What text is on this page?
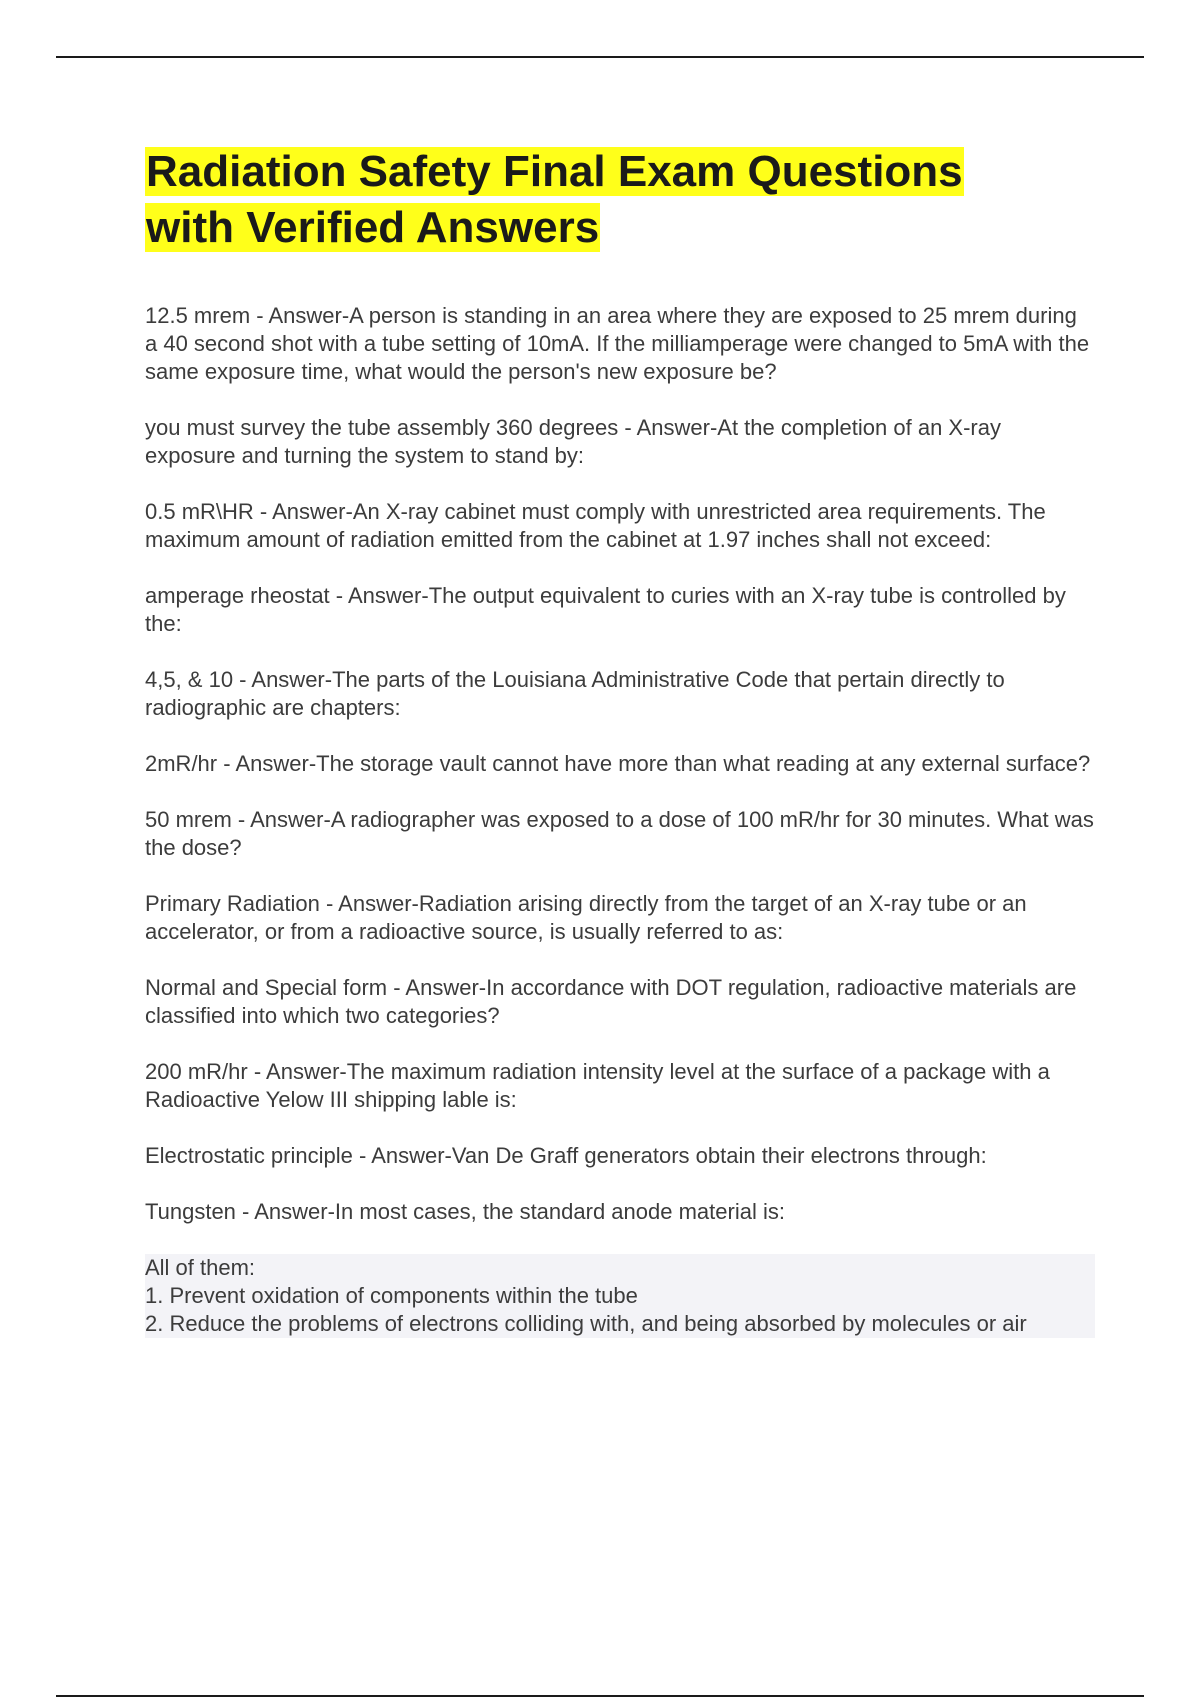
Radiation Safety Final Exam Questions
with Verified Answers

12.5 mrem - Answer-A person is standing in an area where they are exposed to 25 mrem during a 40 second shot with a tube setting of 10mA. If the milliamperage were changed to 5mA with the same exposure time, what would the person's new exposure be?

you must survey the tube assembly 360 degrees - Answer-At the completion of an X-ray exposure and turning the system to stand by:

0.5 mR\HR - Answer-An X-ray cabinet must comply with unrestricted area requirements. The maximum amount of radiation emitted from the cabinet at 1.97 inches shall not exceed:

amperage rheostat - Answer-The output equivalent to curies with an X-ray tube is controlled by the:

4,5, & 10 - Answer-The parts of the Louisiana Administrative Code that pertain directly to radiographic are chapters:

2mR/hr - Answer-The storage vault cannot have more than what reading at any external surface?

50 mrem - Answer-A radiographer was exposed to a dose of 100 mR/hr for 30 minutes. What was the dose?

Primary Radiation - Answer-Radiation arising directly from the target of an X-ray tube or an accelerator, or from a radioactive source, is usually referred to as:

Normal and Special form - Answer-In accordance with DOT regulation, radioactive materials are classified into which two categories?

200 mR/hr - Answer-The maximum radiation intensity level at the surface of a package with a Radioactive Yelow III shipping lable is:

Electrostatic principle - Answer-Van De Graff generators obtain their electrons through:

Tungsten - Answer-In most cases, the standard anode material is:

All of them:
1. Prevent oxidation of components within the tube
2. Reduce the problems of electrons colliding with, and being absorbed by molecules or air
